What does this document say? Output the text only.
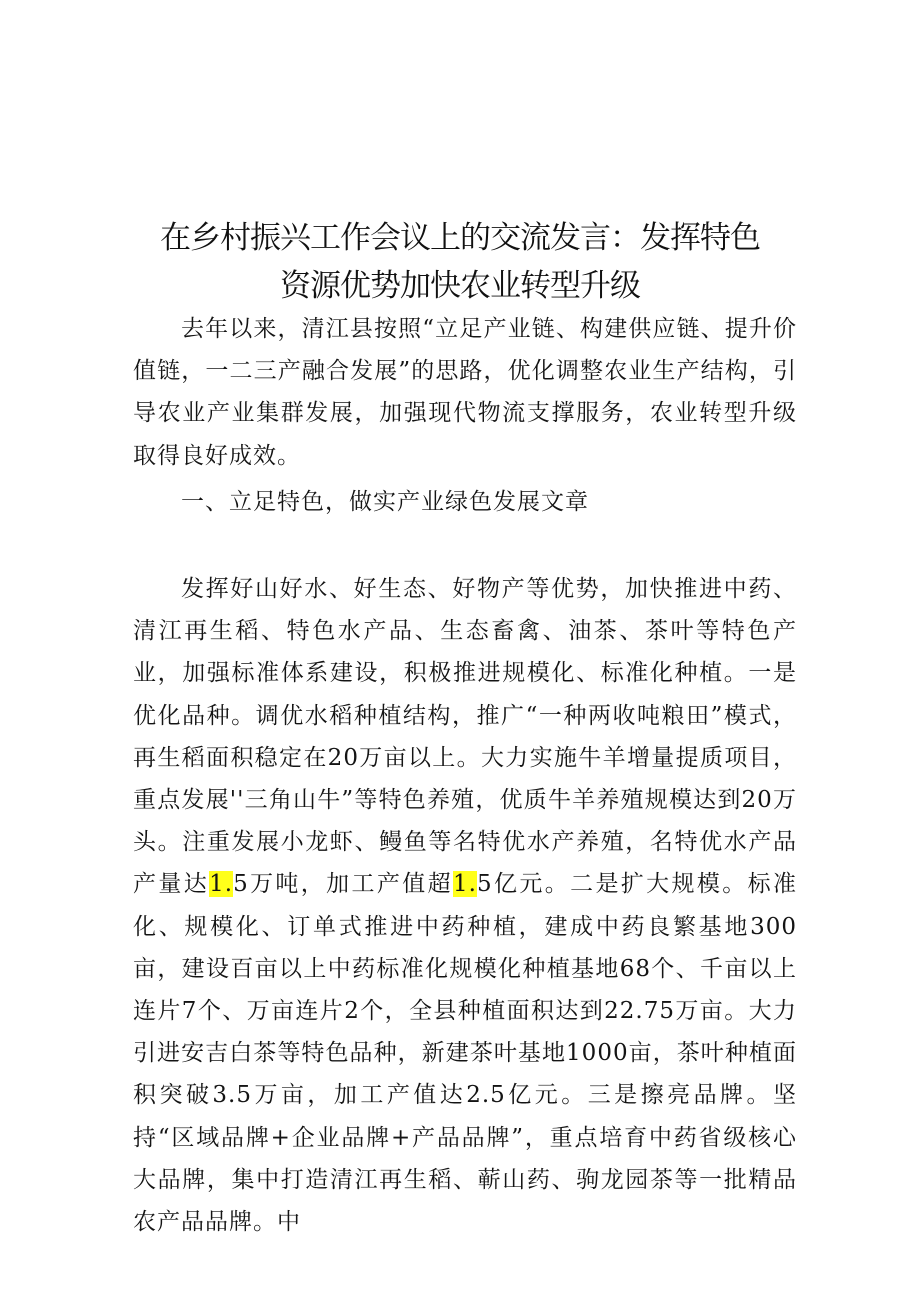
在乡村振兴工作会议上的交流发言：发挥特色
资源优势加快农业转型升级

去年以来，清江县按照“立足产业链、构建供应链、提升价值链，一二三产融合发展”的思路，优化调整农业生产结构，引导农业产业集群发展，加强现代物流支撑服务，农业转型升级取得良好成效。

一、立足特色，做实产业绿色发展文章

发挥好山好水、好生态、好物产等优势，加快推进中药、清江再生稻、特色水产品、生态畜禽、油茶、茶叶等特色产业，加强标准体系建设，积极推进规模化、标准化种植。一是优化品种。调优水稻种植结构，推广“一种两收吨粮田”模式，再生稻面积稳定在20万亩以上。大力实施牛羊增量提质项目，重点发展''三角山牛”等特色养殖，优质牛羊养殖规模达到20万头。注重发展小龙虾、鳗鱼等名特优水产养殖，名特优水产品产量达1.5万吨，加工产值超1.5亿元。二是扩大规模。标准化、规模化、订单式推进中药种植，建成中药良繁基地300亩，建设百亩以上中药标准化规模化种植基地68个、千亩以上连片7个、万亩连片2个，全县种植面积达到22.75万亩。大力引进安吉白茶等特色品种，新建茶叶基地1000亩，茶叶种植面积突破3.5万亩，加工产值达2.5亿元。三是擦亮品牌。坚持“区域品牌+企业品牌+产品品牌”，重点培育中药省级核心大品牌，集中打造清江再生稻、蕲山药、驹龙园茶等一批精品农产品品牌。中
